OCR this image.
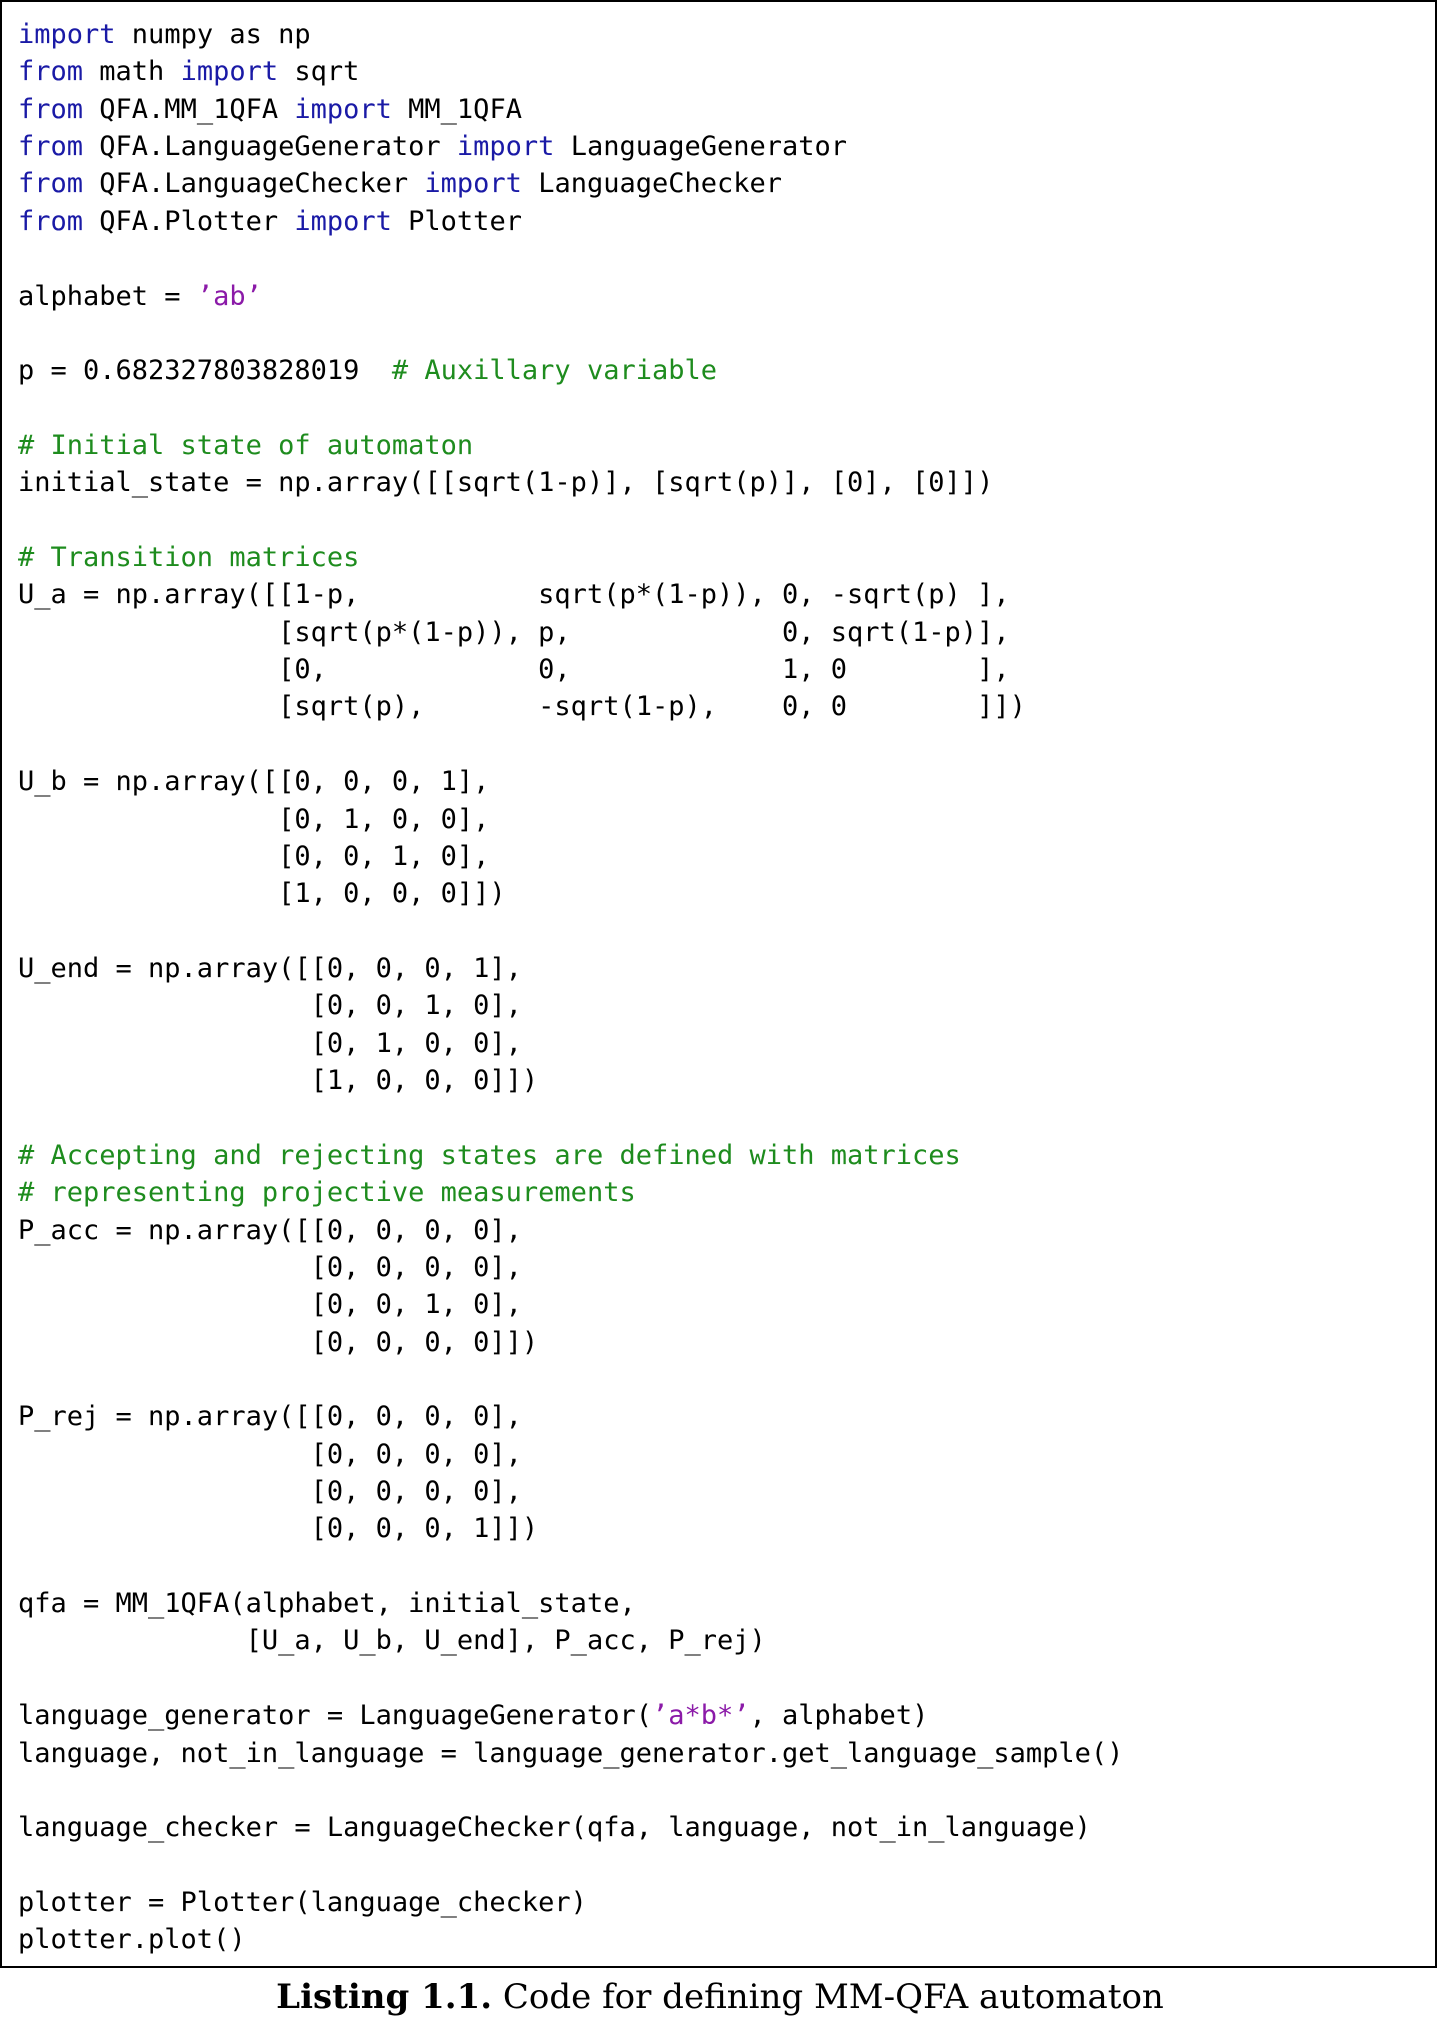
import numpy as np
from math import sqrt
from QFA.MM_1QFA import MM_1QFA
from QFA.LanguageGenerator import LanguageGenerator
from QFA.LanguageChecker import LanguageChecker
from QFA.Plotter import Plotter
alphabet = ’ab’
p = 0.682327803828019  # Auxillary variable
# Initial state of automaton
initial_state = np.array([[sqrt(1-p)], [sqrt(p)], [0], [0]])
# Transition matrices
U_a = np.array([[1-p,           sqrt(p*(1-p)), 0, -sqrt(p) ],
[sqrt(p*(1-p)), p,             0, sqrt(1-p)],
[0,             0,             1, 0        ],
[sqrt(p),       -sqrt(1-p),    0, 0        ]])
U_b = np.array([[0, 0, 0, 1],
[0, 1, 0, 0],
[0, 0, 1, 0],
[1, 0, 0, 0]])
U_end = np.array([[0, 0, 0, 1],
[0, 0, 1, 0],
[0, 1, 0, 0],
[1, 0, 0, 0]])
# Accepting and rejecting states are defined with matrices
# representing projective measurements
P_acc = np.array([[0, 0, 0, 0],
[0, 0, 0, 0],
[0, 0, 1, 0],
[0, 0, 0, 0]])
P_rej = np.array([[0, 0, 0, 0],
[0, 0, 0, 0],
[0, 0, 0, 0],
[0, 0, 0, 1]])
qfa = MM_1QFA(alphabet, initial_state,
[U_a, U_b, U_end], P_acc, P_rej)
language_generator = LanguageGenerator(’a*b*’, alphabet)
language, not_in_language = language_generator.get_language_sample()
language_checker = LanguageChecker(qfa, language, not_in_language)
plotter = Plotter(language_checker)
plotter.plot()
Listing 1.1. Code for defining MM-QFA automaton
